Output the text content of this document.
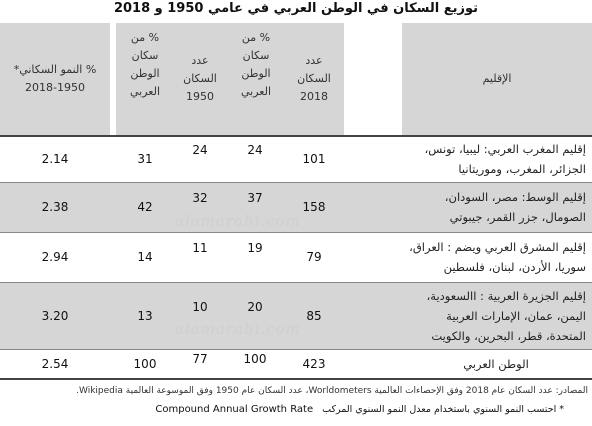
توزيع السكان في الوطن العربي في عامي 1950 و 2018
% النمو السكاني* 1950-2018		% من سكان الوطن العربي	عدد السكان 1950	% من سكان الوطن العربي	عدد السكان 2018		الإقليم
2.14		31	24	24	101		إقليم المغرب العربي: ليبيا، تونس، الجزائر، المغرب، وموريتانيا
2.38		42	32	37	158		إقليم الوسط: مصر، السودان، الصومال، جزر القمر، جيبوتي
2.94		14	11	19	79		إقليم المشرق العربي ويضم : العراق، سوريا، الأردن، لبنان، فلسطين
3.20		13	10	20	85		إقليم الجزيرة العربية : االسعودية، اليمن، عمان، الإمارات العربية المتحدة، قطر، البحرين، والكويت
2.54		100	77	100	423		الوطن العربي
alamarabi.com
alamarabi.com
المصادر: عدد السكان عام 2018 وفق الإحصاءات العالمية Worldometers، عدد السكان عام 1950 وفق الموسوعة العالمية Wikipedia.
* احتسب النمو السنوي باستخدام معدل النمو السنوي المركب Compound Annual Growth Rate
